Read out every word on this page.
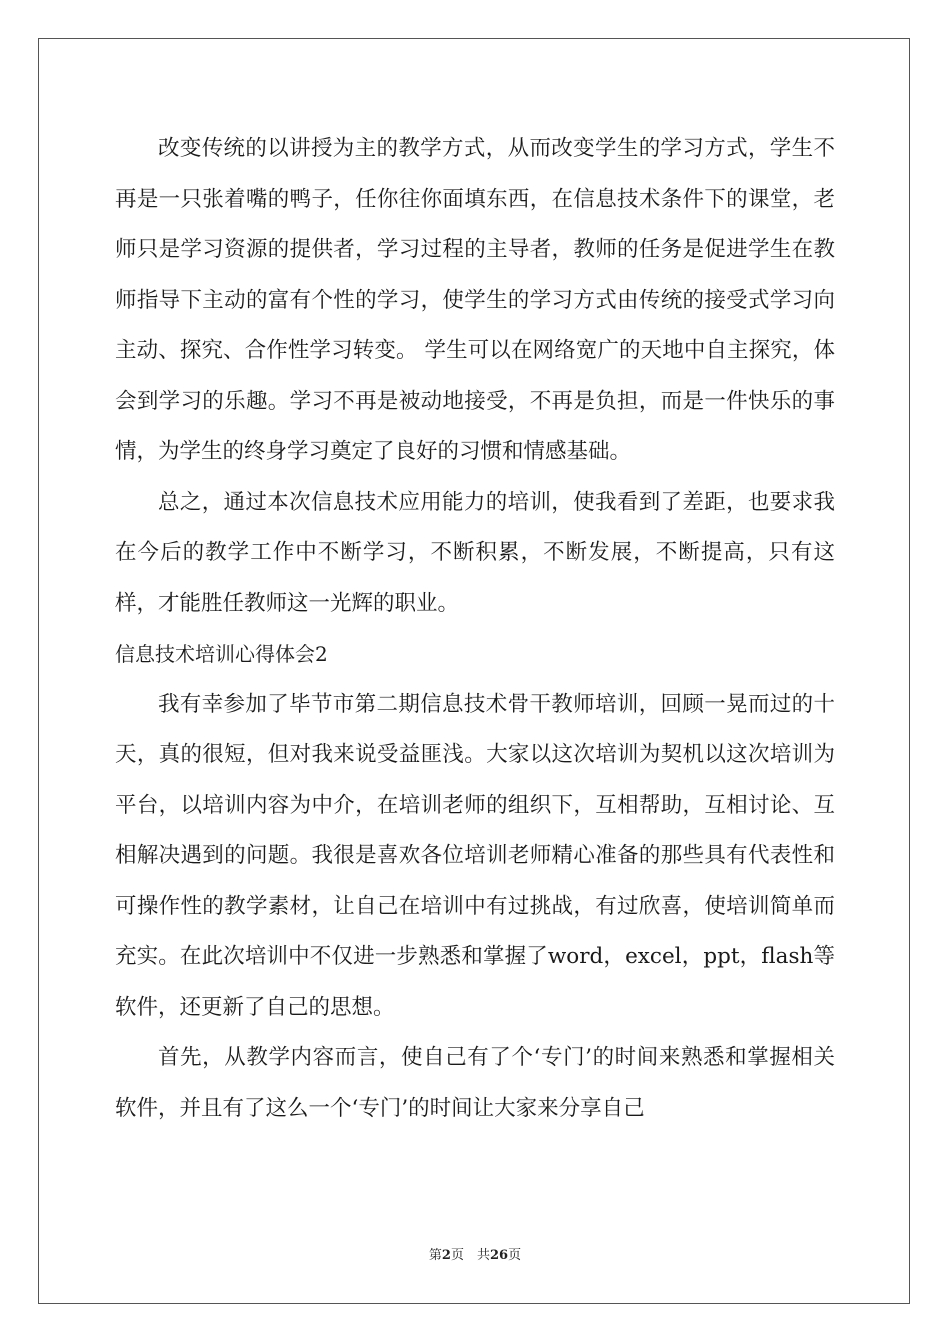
改变传统的以讲授为主的教学方式，从而改变学生的学习方式，学生不再是一只张着嘴的鸭子，任你往你面填东西，在信息技术条件下的课堂，老师只是学习资源的提供者，学习过程的主导者，教师的任务是促进学生在教师指导下主动的富有个性的学习，使学生的学习方式由传统的接受式学习向主动、探究、合作性学习转变。 学生可以在网络宽广的天地中自主探究，体会到学习的乐趣。学习不再是被动地接受，不再是负担，而是一件快乐的事情，为学生的终身学习奠定了良好的习惯和情感基础。

总之，通过本次信息技术应用能力的培训，使我看到了差距，也要求我在今后的教学工作中不断学习，不断积累，不断发展，不断提高，只有这样，才能胜任教师这一光辉的职业。

信息技术培训心得体会2

我有幸参加了毕节市第二期信息技术骨干教师培训，回顾一晃而过的十天，真的很短，但对我来说受益匪浅。大家以这次培训为契机以这次培训为平台，以培训内容为中介，在培训老师的组织下，互相帮助，互相讨论、互相解决遇到的问题。我很是喜欢各位培训老师精心准备的那些具有代表性和可操作性的教学素材，让自己在培训中有过挑战，有过欣喜，使培训简单而充实。在此次培训中不仅进一步熟悉和掌握了word，excel，ppt，flash等软件，还更新了自己的思想。

首先，从教学内容而言，使自己有了个‘专门’的时间来熟悉和掌握相关软件，并且有了这么一个‘专门’的时间让大家来分享自己

第2页　共26页
